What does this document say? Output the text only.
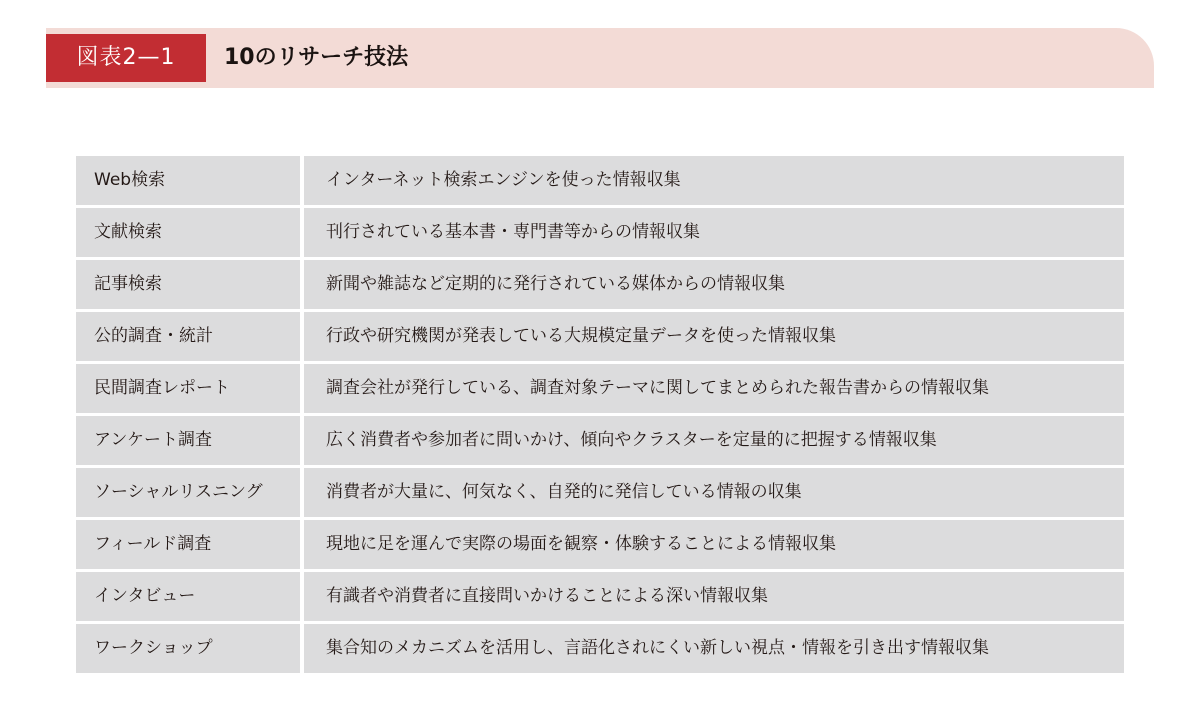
図表2—1	10のリサーチ技法
Web検索	インターネット検索エンジンを使った情報収集
文献検索	刊行されている基本書・専門書等からの情報収集
記事検索	新聞や雑誌など定期的に発行されている媒体からの情報収集
公的調査・統計	行政や研究機関が発表している大規模定量データを使った情報収集
民間調査レポート	調査会社が発行している、調査対象テーマに関してまとめられた報告書からの情報収集
アンケート調査	広く消費者や参加者に問いかけ、傾向やクラスターを定量的に把握する情報収集
ソーシャルリスニング	消費者が大量に、何気なく、自発的に発信している情報の収集
フィールド調査	現地に足を運んで実際の場面を観察・体験することによる情報収集
インタビュー	有識者や消費者に直接問いかけることによる深い情報収集
ワークショップ	集合知のメカニズムを活用し、言語化されにくい新しい視点・情報を引き出す情報収集
